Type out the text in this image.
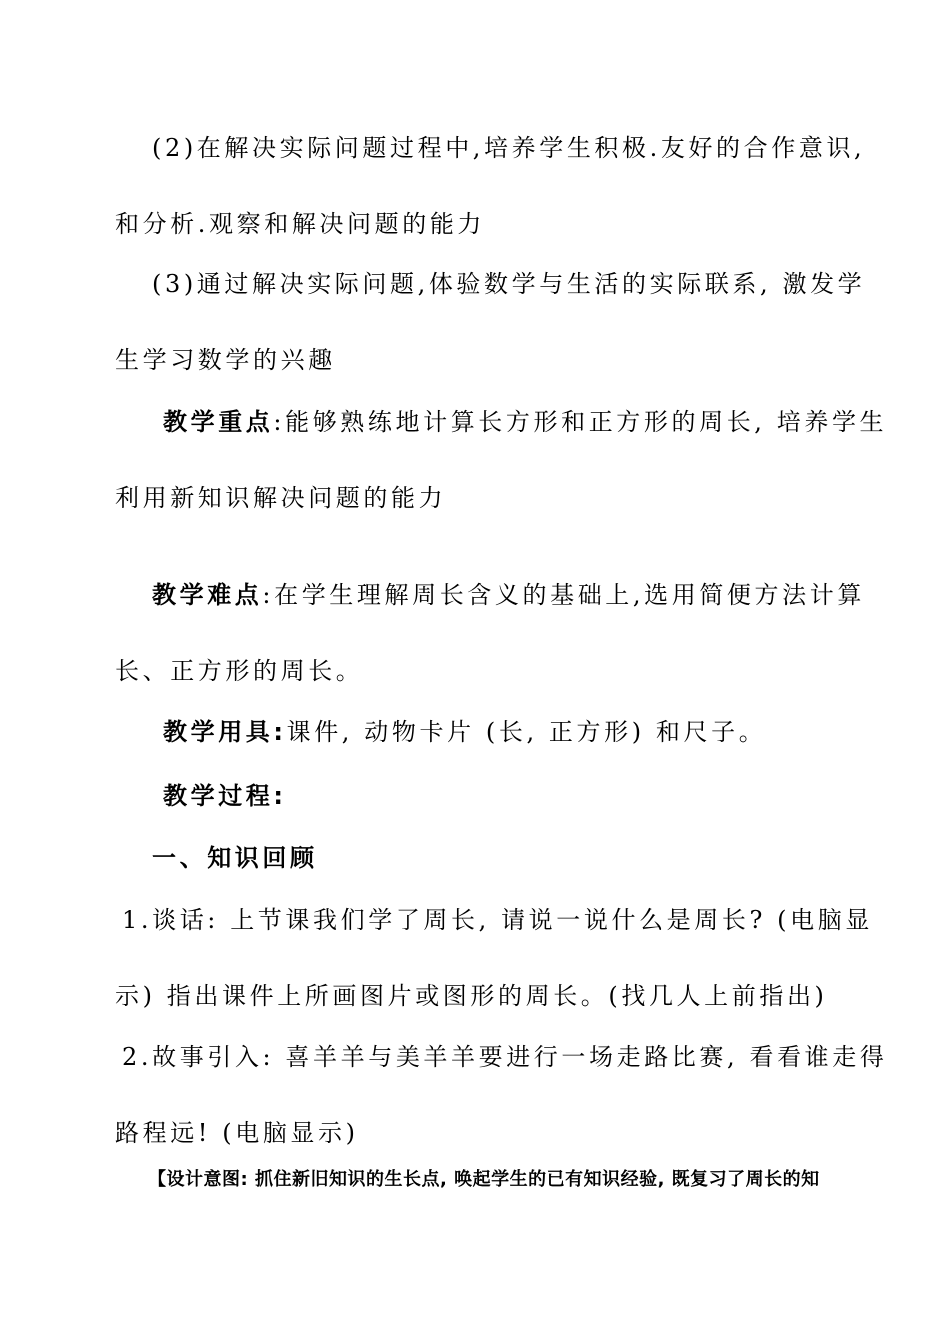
(2)在解决实际问题过程中,培养学生积极.友好的合作意识,
和分析.观察和解决问题的能力
(3)通过解决实际问题,体验数学与生活的实际联系, 激发学
生学习数学的兴趣
教学重点:能够熟练地计算长方形和正方形的周长, 培养学生
利用新知识解决问题的能力
教学难点:在学生理解周长含义的基础上,选用简便方法计算
长、正方形的周长。
教学用具:课件, 动物卡片 (长, 正方形) 和尺子。
教学过程:
一、知识回顾
1.谈话: 上节课我们学了周长, 请说一说什么是周长? (电脑显
示) 指出课件上所画图片或图形的周长。(找几人上前指出)
2.故事引入: 喜羊羊与美羊羊要进行一场走路比赛, 看看谁走得
路程远! (电脑显示)
【设计意图: 抓住新旧知识的生长点, 唤起学生的已有知识经验, 既复习了周长的知
